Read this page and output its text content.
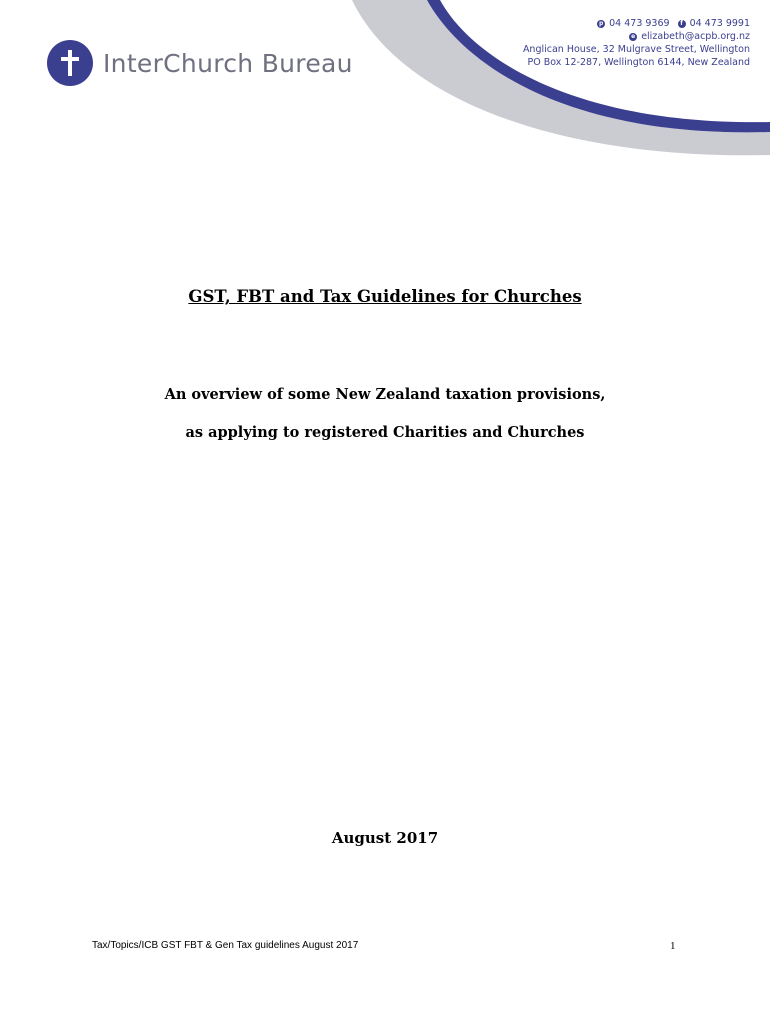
InterChurch Bureau
p 04 473 9369	f 04 473 9991
e elizabeth@acpb.org.nz
Anglican House, 32 Mulgrave Street, Wellington
PO Box 12-287, Wellington 6144, New Zealand
GST, FBT and Tax Guidelines for Churches
An overview of some New Zealand taxation provisions,
as applying to registered Charities and Churches
August 2017
Tax/Topics/ICB GST FBT & Gen Tax guidelines August 2017	1
